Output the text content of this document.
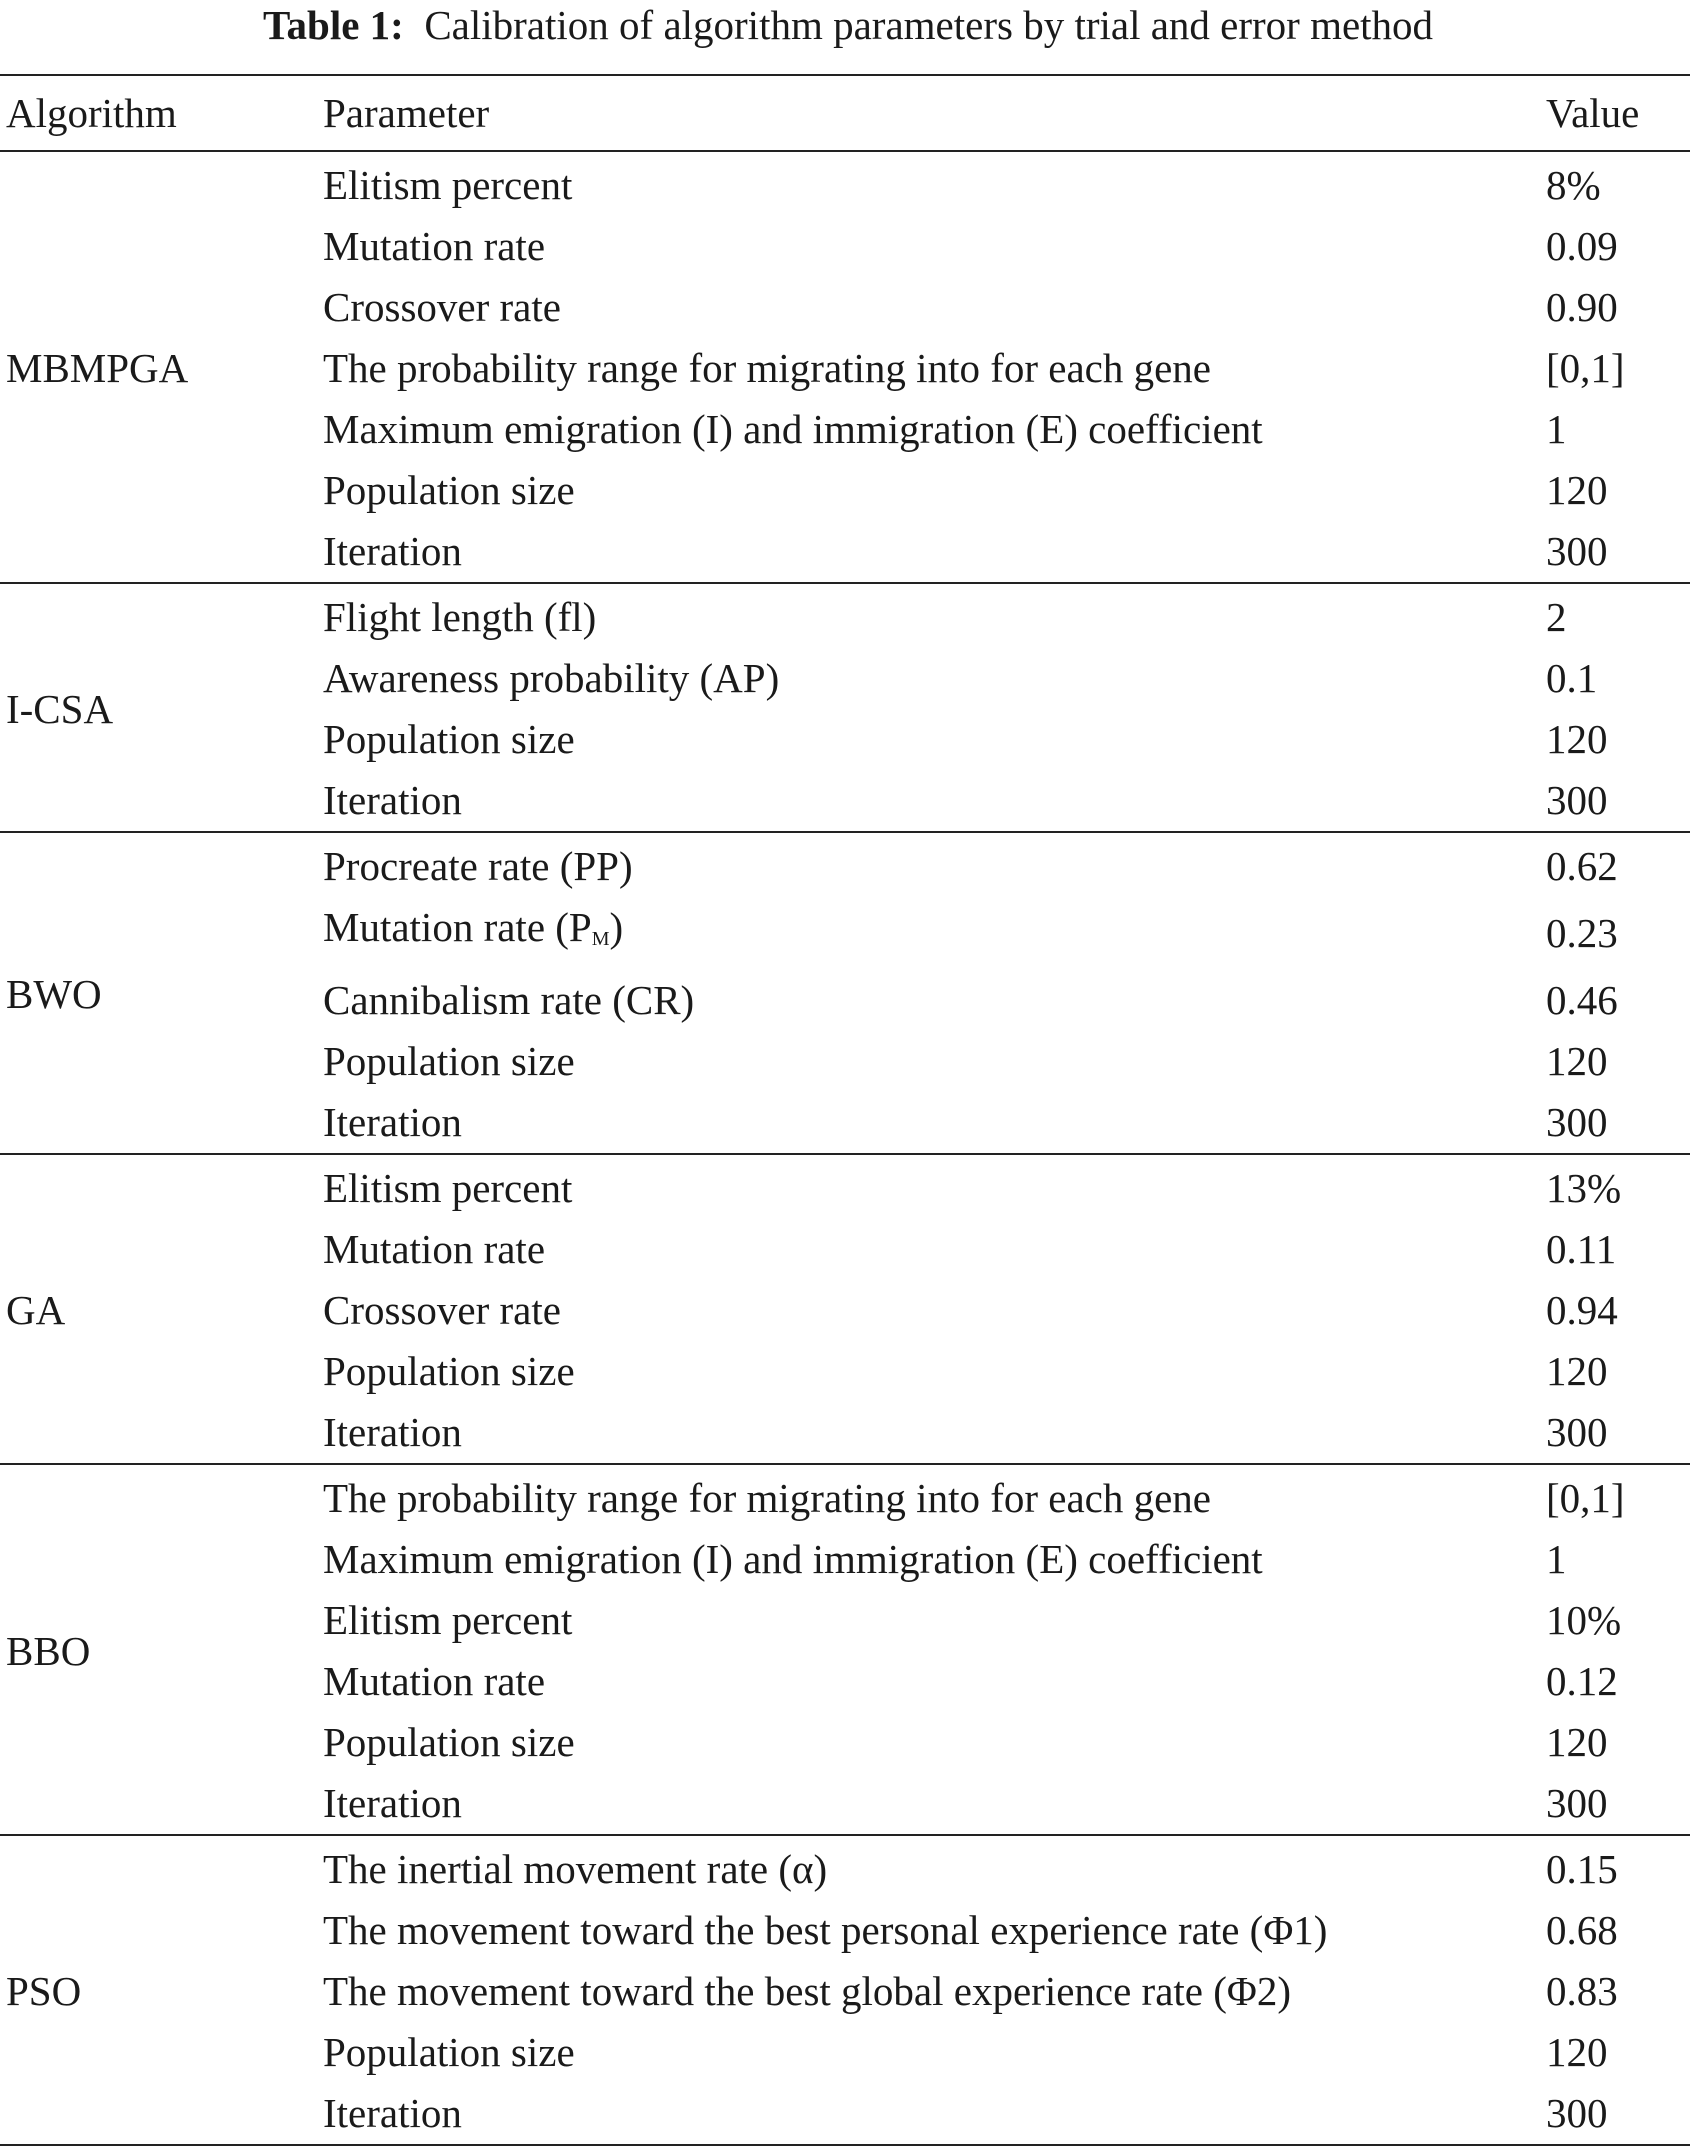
Table 1: Calibration of algorithm parameters by trial and error method
Algorithm	Parameter	Value
MBMPGA	Elitism percent	8%
	Mutation rate	0.09
	Crossover rate	0.90
	The probability range for migrating into for each gene	[0,1]
	Maximum emigration (I) and immigration (E) coefficient	1
	Population size	120
	Iteration	300
I-CSA	Flight length (fl)	2
	Awareness probability (AP)	0.1
	Population size	120
	Iteration	300
BWO	Procreate rate (PP)	0.62
	Mutation rate $(P_M)$	0.23
	Cannibalism rate (CR)	0.46
	Population size	120
	Iteration	300
GA	Elitism percent	13%
	Mutation rate	0.11
	Crossover rate	0.94
	Population size	120
	Iteration	300
BBO	The probability range for migrating into for each gene	[0,1]
	Maximum emigration (I) and immigration (E) coefficient	1
	Elitism percent	10%
	Mutation rate	0.12
	Population size	120
	Iteration	300
PSO	The inertial movement rate (α)	0.15
	The movement toward the best personal experience rate (Φ1)	0.68
	The movement toward the best global experience rate (Φ2)	0.83
	Population size	120
	Iteration	300
